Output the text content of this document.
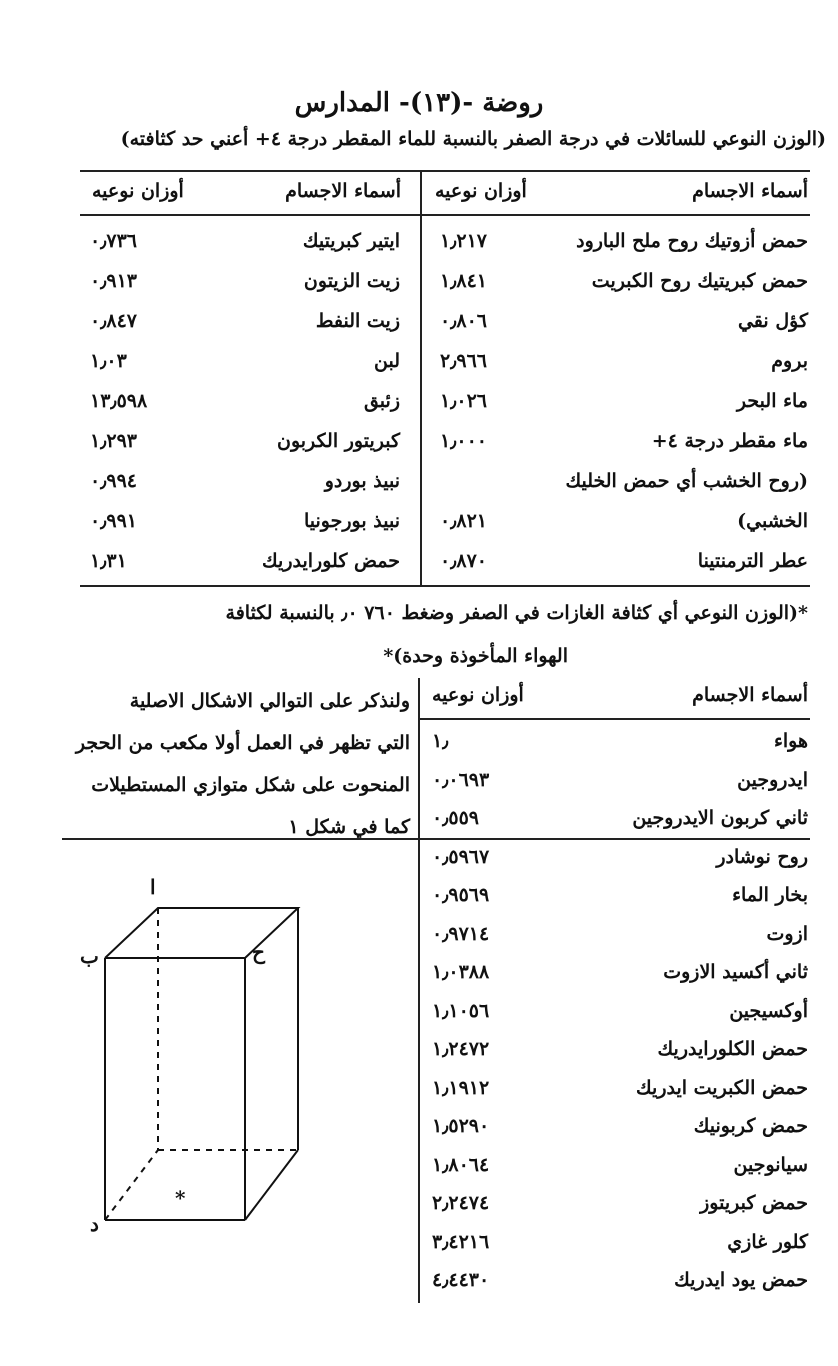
روضة -(١٣)- المدارس
(الوزن النوعي للسائلات في درجة الصفر بالنسبة للماء المقطر درجة ٤+ أعني حد كثافته)
أسماء الاجسام
أوزان نوعيه
أسماء الاجسام
أوزان نوعيه
حمض أزوتيك روح ملح البارود
١٫٢١٧
حمض كبريتيك روح الكبريت
١٫٨٤١
كؤل نقي
٠٫٨٠٦
بروم
٢٫٩٦٦
ماء البحر
١٫٠٢٦
ماء مقطر درجة ٤+
١٫٠٠٠
(روح الخشب أي حمض الخليك
الخشبي)
٠٫٨٢١
عطر الترمنتينا
٠٫٨٧٠
ايتير كبريتيك
٠٫٧٣٦
زيت الزيتون
٠٫٩١٣
زيت النفط
٠٫٨٤٧
لبن
١٫٠٣
زئبق
١٣٫٥٩٨
كبريتور الكربون
١٫٢٩٣
نبيذ بوردو
٠٫٩٩٤
نبيذ بورجونيا
٠٫٩٩١
حمض كلورايدريك
١٫٣١
*(الوزن النوعي أي كثافة الغازات في الصفر وضغط ٧٦٠ ٫٠ بالنسبة لكثافة
الهواء المأخوذة وحدة)*
أسماء الاجسام
أوزان نوعيه
هواء
١٫
ايدروجين
٠٫٠٦٩٣
ثاني كربون الايدروجين
٠٫٥٥٩
روح نوشادر
٠٫٥٩٦٧
بخار الماء
٠٫٩٥٦٩
ازوت
٠٫٩٧١٤
ثاني أكسيد الازوت
١٫٠٣٨٨
أوكسيجين
١٫١٠٥٦
حمض الكلورايدريك
١٫٢٤٧٢
حمض الكبريت ايدريك
١٫١٩١٢
حمض كربونيك
١٫٥٢٩٠
سيانوجين
١٫٨٠٦٤
حمض كبريتوز
٢٫٢٤٧٤
كلور غازي
٣٫٤٢١٦
حمض يود ايدريك
٤٫٤٤٣٠
ولنذكر على التوالي الاشكال الاصلية
التي تظهر في العمل أولا مكعب من الحجر
المنحوت على شكل متوازي المستطيلات
كما في شكل ١
ا
ب	ح
د
*
